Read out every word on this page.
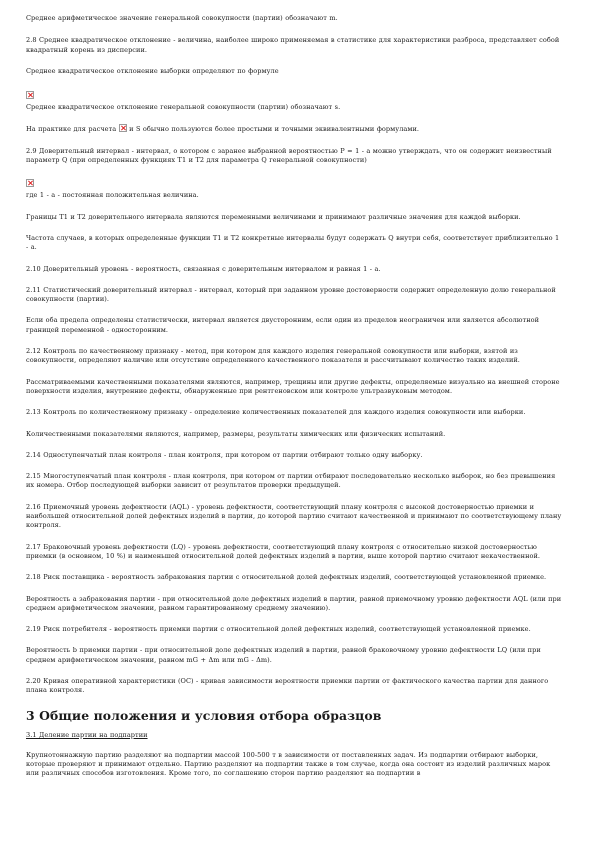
Среднее арифметическое значение генеральной совокупности (партии) обозначают m.

2.8 Среднее квадратическое отклонение - величина, наиболее широко применяемая в статистике для характеристики разброса, представляет собой квадратный корень из дисперсии.

Среднее квадратическое отклонение выборки определяют по формуле

Среднее квадратическое отклонение генеральной совокупности (партии) обозначают s.

На практике для расчета и S обычно пользуются более простыми и точными эквивалентными формулами.

2.9 Доверительный интервал - интервал, о котором с заранее выбранной вероятностью P = 1 - a можно утверждать, что он содержит неизвестный параметр Q (при определенных функциях T1 и T2 для параметра Q генеральной совокупности)

где 1 - a - постоянная положительная величина.

Границы T1 и T2 доверительного интервала являются переменными величинами и принимают различные значения для каждой выборки.

Частота случаев, в которых определенные функции T1 и T2 конкретные интервалы будут содержать Q внутри себя, соответствует приблизительно 1 - a.

2.10 Доверительный уровень - вероятность, связанная с доверительным интервалом и равная 1 - a.

2.11 Статистический доверительный интервал - интервал, который при заданном уровне достоверности содержит определенную долю генеральной совокупности (партии).

Если оба предела определены статистически, интервал является двусторонним, если один из пределов неограничен или является абсолютной границей переменной - односторонним.

2.12 Контроль по качественному признаку - метод, при котором для каждого изделия генеральной совокупности или выборки, взятой из совокупности, определяют наличие или отсутствие определенного качественного показателя и рассчитывают количество таких изделий.

Рассматриваемыми качественными показателями являются, например, трещины или другие дефекты, определяемые визуально на внешней стороне поверхности изделия, внутренние дефекты, обнаруженные при рентгеновском или контроле ультразвуковым методом.

2.13 Контроль по количественному признаку - определение количественных показателей для каждого изделия совокупности или выборки.

Количественными показателями являются, например, размеры, результаты химических или физических испытаний.

2.14 Одноступенчатый план контроля - план контроля, при котором от партии отбирают только одну выборку.

2.15 Многоступенчатый план контроля - план контроля, при котором от партии отбирают последовательно несколько выборок, но без превышения их номера. Отбор последующей выборки зависит от результатов проверки предыдущей.

2.16 Приемочный уровень дефектности (AQL) - уровень дефектности, соответствующий плану контроля с высокой достоверностью приемки и наибольшей относительной долей дефектных изделий в партии, до которой партию считают качественной и принимают по соответствующему плану контроля.

2.17 Браковочный уровень дефектности (LQ) - уровень дефектности, соответствующий плану контроля с относительно низкой достоверностью приемки (в основном, 10 %) и наименьшей относительной долей дефектных изделий в партии, выше которой партию считают некачественной.

2.18 Риск поставщика - вероятность забракования партии с относительной долей дефектных изделий, соответствующей установленной приемке.

Вероятность a забракования партии - при относительной доле дефектных изделий в партии, равной приемочному уровню дефектности AQL (или при среднем арифметическом значении, равном гарантированному среднему значению).

2.19 Риск потребителя - вероятность приемки партии с относительной долей дефектных изделий, соответствующей установленной приемке.

Вероятность b приемки партии - при относительной доле дефектных изделий в партии, равной браковочному уровню дефектности LQ (или при среднем арифметическом значении, равном mG + Δm или mG - Δm).

2.20 Кривая оперативной характеристики (ОС) - кривая зависимости вероятности приемки партии от фактического качества партии для данного плана контроля.

3 Общие положения и условия отбора образцов

3.1 Деление партии на подпартии

Крупнотоннажную партию разделяют на подпартии массой 100-500 т в зависимости от поставленных задач. Из подпартии отбирают выборки, которые проверяют и принимают отдельно. Партию разделяют на подпартии также в том случае, когда она состоит из изделий различных марок или различных способов изготовления. Кроме того, по соглашению сторон партию разделяют на подпартии в
